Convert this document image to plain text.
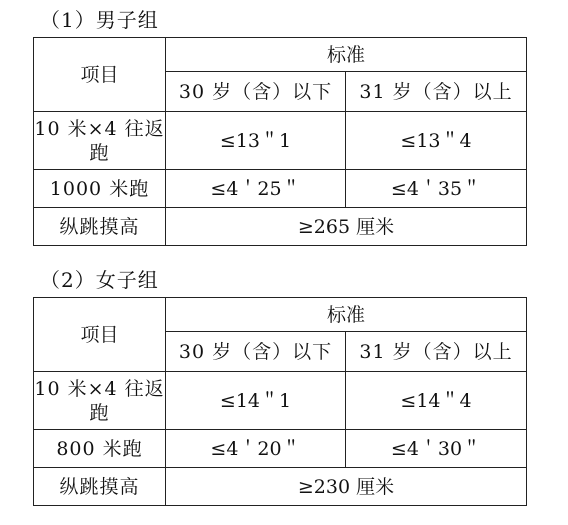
（1）男子组
项目	标准	
	30 岁（含）以下	31 岁（含）以上
10 米×4 往返跑	≤13＂1	≤13＂4
1000 米跑	≤4＇25＂	≤4＇35＂
纵跳摸高	≥265 厘米	
（2）女子组
项目	标准	
	30 岁（含）以下	31 岁（含）以上
10 米×4 往返跑	≤14＂1	≤14＂4
800 米跑	≤4＇20＂	≤4＇30＂
纵跳摸高	≥230 厘米	
